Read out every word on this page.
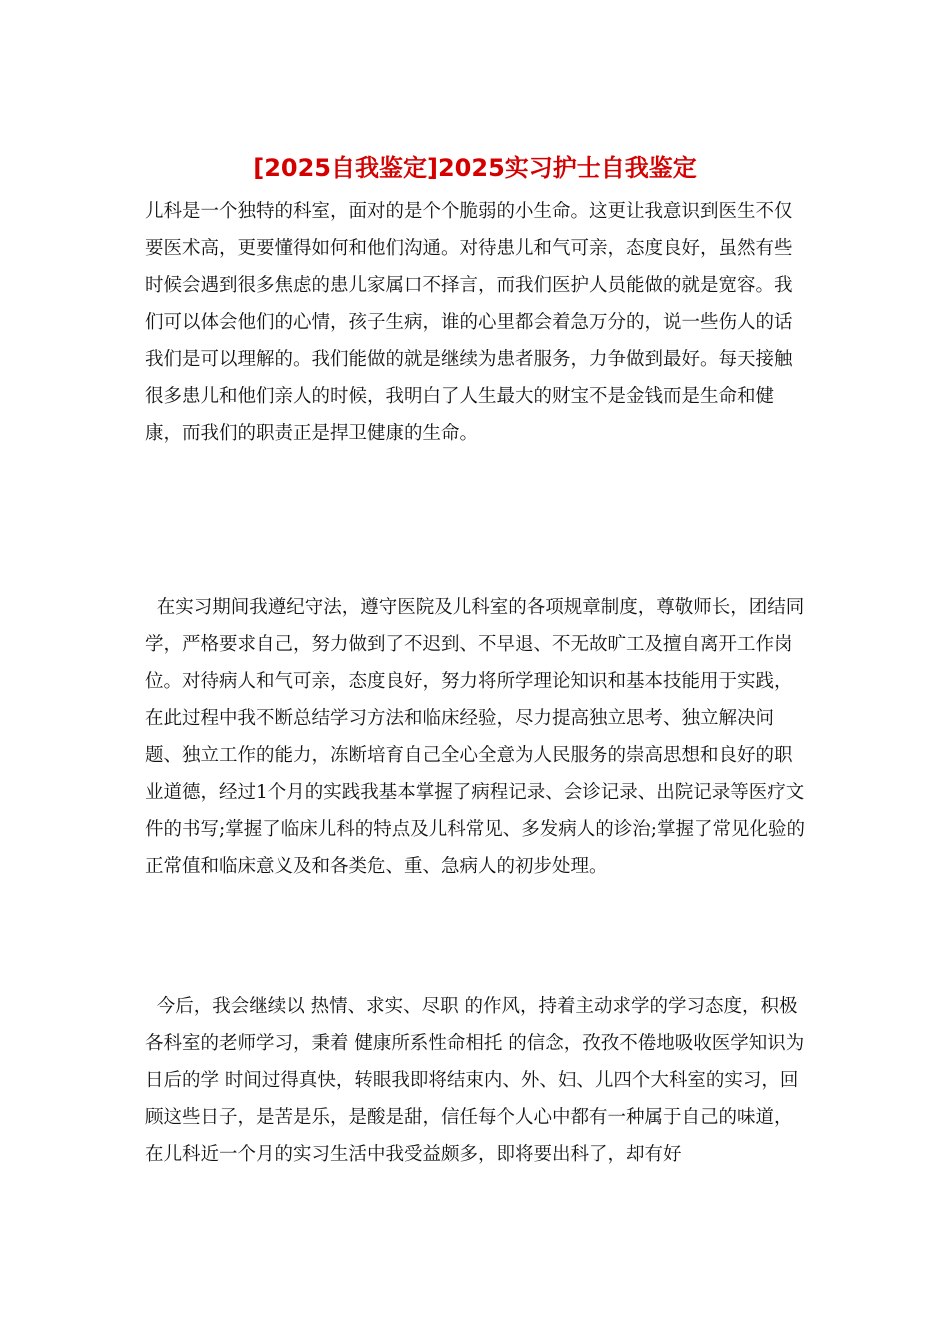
[2025自我鉴定]2025实习护士自我鉴定

儿科是一个独特的科室，面对的是个个脆弱的小生命。这更让我意识到医生不仅要医术高，更要懂得如何和他们沟通。对待患儿和气可亲，态度良好，虽然有些时候会遇到很多焦虑的患儿家属口不择言，而我们医护人员能做的就是宽容。我们可以体会他们的心情，孩子生病，谁的心里都会着急万分的，说一些伤人的话我们是可以理解的。我们能做的就是继续为患者服务，力争做到最好。每天接触很多患儿和他们亲人的时候，我明白了人生最大的财宝不是金钱而是生命和健康，而我们的职责正是捍卫健康的生命。

在实习期间我遵纪守法，遵守医院及儿科室的各项规章制度，尊敬师长，团结同学，严格要求自己，努力做到了不迟到、不早退、不无故旷工及擅自离开工作岗位。对待病人和气可亲，态度良好，努力将所学理论知识和基本技能用于实践，在此过程中我不断总结学习方法和临床经验，尽力提高独立思考、独立解决问题、独立工作的能力，冻断培育自己全心全意为人民服务的崇高思想和良好的职业道德，经过1个月的实践我基本掌握了病程记录、会诊记录、出院记录等医疗文件的书写;掌握了临床儿科的特点及儿科常见、多发病人的诊治;掌握了常见化验的正常值和临床意义及和各类危、重、急病人的初步处理。

今后，我会继续以 热情、求实、尽职 的作风，持着主动求学的学习态度，积极各科室的老师学习，秉着 健康所系性命相托 的信念，孜孜不倦地吸收医学知识为日后的学 时间过得真快，转眼我即将结束内、外、妇、儿四个大科室的实习，回顾这些日子，是苦是乐，是酸是甜，信任每个人心中都有一种属于自己的味道，在儿科近一个月的实习生活中我受益颇多，即将要出科了，却有好
